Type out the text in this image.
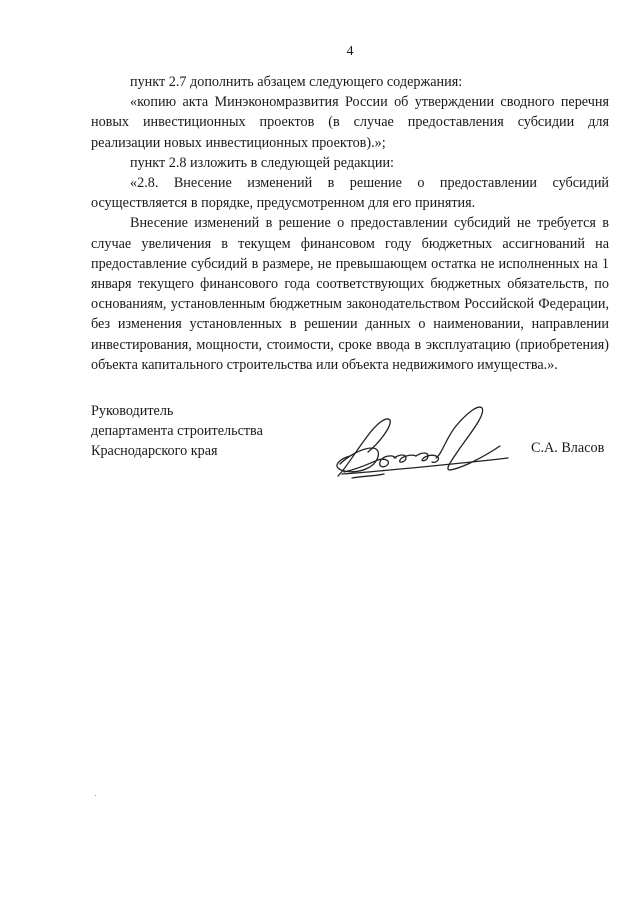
4

пункт 2.7 дополнить абзацем следующего содержания:

«копию акта Минэкономразвития России об утверждении сводного перечня новых инвестиционных проектов (в случае предоставления субсидии для реализации новых инвестиционных проектов).»;

пункт 2.8 изложить в следующей редакции:

«2.8. Внесение изменений в решение о предоставлении субсидий осуществляется в порядке, предусмотренном для его принятия.

Внесение изменений в решение о предоставлении субсидий не требуется в случае увеличения в текущем финансовом году бюджетных ассигнований на предоставление субсидий в размере, не превышающем остатка не исполненных на 1 января текущего финансового года соответствующих бюджетных обязательств, по основаниям, установленным бюджетным законодательством Российской Федерации, без изменения установленных в решении данных о наименовании, направлении инвестирования, мощности, стоимости, сроке ввода в эксплуатацию (приобретения) объекта капитального строительства или объекта недвижимого имущества.».

Руководитель
департамента строительства
Краснодарского края	С.А. Власов
